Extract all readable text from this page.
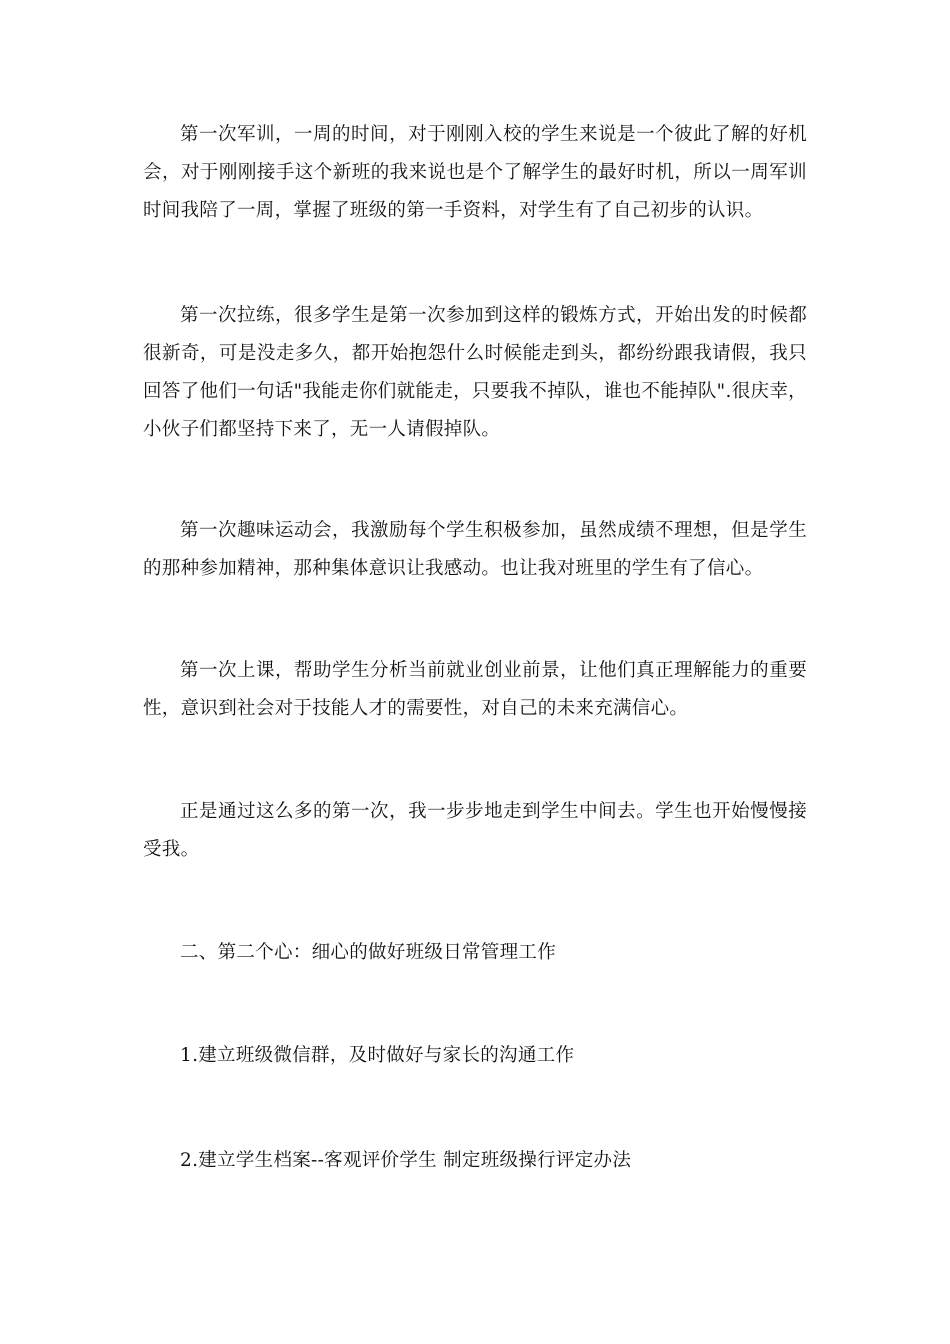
第一次军训，一周的时间，对于刚刚入校的学生来说是一个彼此了解的好机会，对于刚刚接手这个新班的我来说也是个了解学生的最好时机，所以一周军训时间我陪了一周，掌握了班级的第一手资料，对学生有了自己初步的认识。

第一次拉练，很多学生是第一次参加到这样的锻炼方式，开始出发的时候都很新奇，可是没走多久，都开始抱怨什么时候能走到头，都纷纷跟我请假，我只回答了他们一句话"我能走你们就能走，只要我不掉队，谁也不能掉队".很庆幸，小伙子们都坚持下来了，无一人请假掉队。

第一次趣味运动会，我激励每个学生积极参加，虽然成绩不理想，但是学生的那种参加精神，那种集体意识让我感动。也让我对班里的学生有了信心。

第一次上课，帮助学生分析当前就业创业前景，让他们真正理解能力的重要性，意识到社会对于技能人才的需要性，对自己的未来充满信心。

正是通过这么多的第一次，我一步步地走到学生中间去。学生也开始慢慢接受我。

二、第二个心：细心的做好班级日常管理工作

1.建立班级微信群，及时做好与家长的沟通工作

2.建立学生档案--客观评价学生 制定班级操行评定办法
